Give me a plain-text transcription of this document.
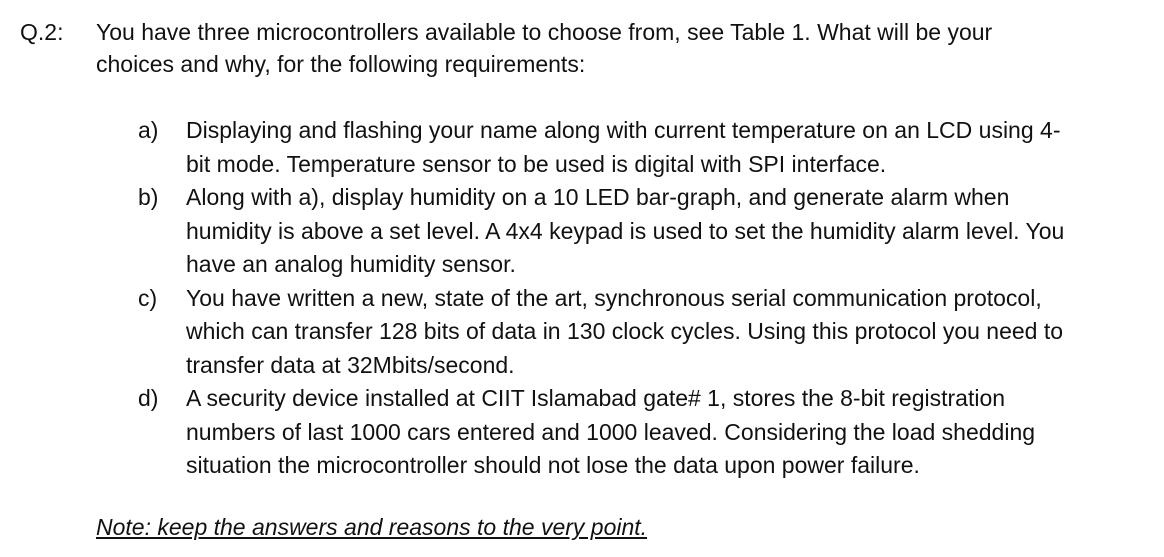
Q.2: You have three microcontrollers available to choose from, see Table 1. What will be your
choices and why, for the following requirements:
a)	Displaying and flashing your name along with current temperature on an LCD using 4-
bit mode. Temperature sensor to be used is digital with SPI interface.
b)	Along with a), display humidity on a 10 LED bar-graph, and generate alarm when
humidity is above a set level. A 4x4 keypad is used to set the humidity alarm level. You
have an analog humidity sensor.
c)	You have written a new, state of the art, synchronous serial communication protocol,
which can transfer 128 bits of data in 130 clock cycles. Using this protocol you need to
transfer data at 32Mbits/second.
d)	A security device installed at CIIT Islamabad gate# 1, stores the 8-bit registration
numbers of last 1000 cars entered and 1000 leaved. Considering the load shedding
situation the microcontroller should not lose the data upon power failure.
Note: keep the answers and reasons to the very point.
